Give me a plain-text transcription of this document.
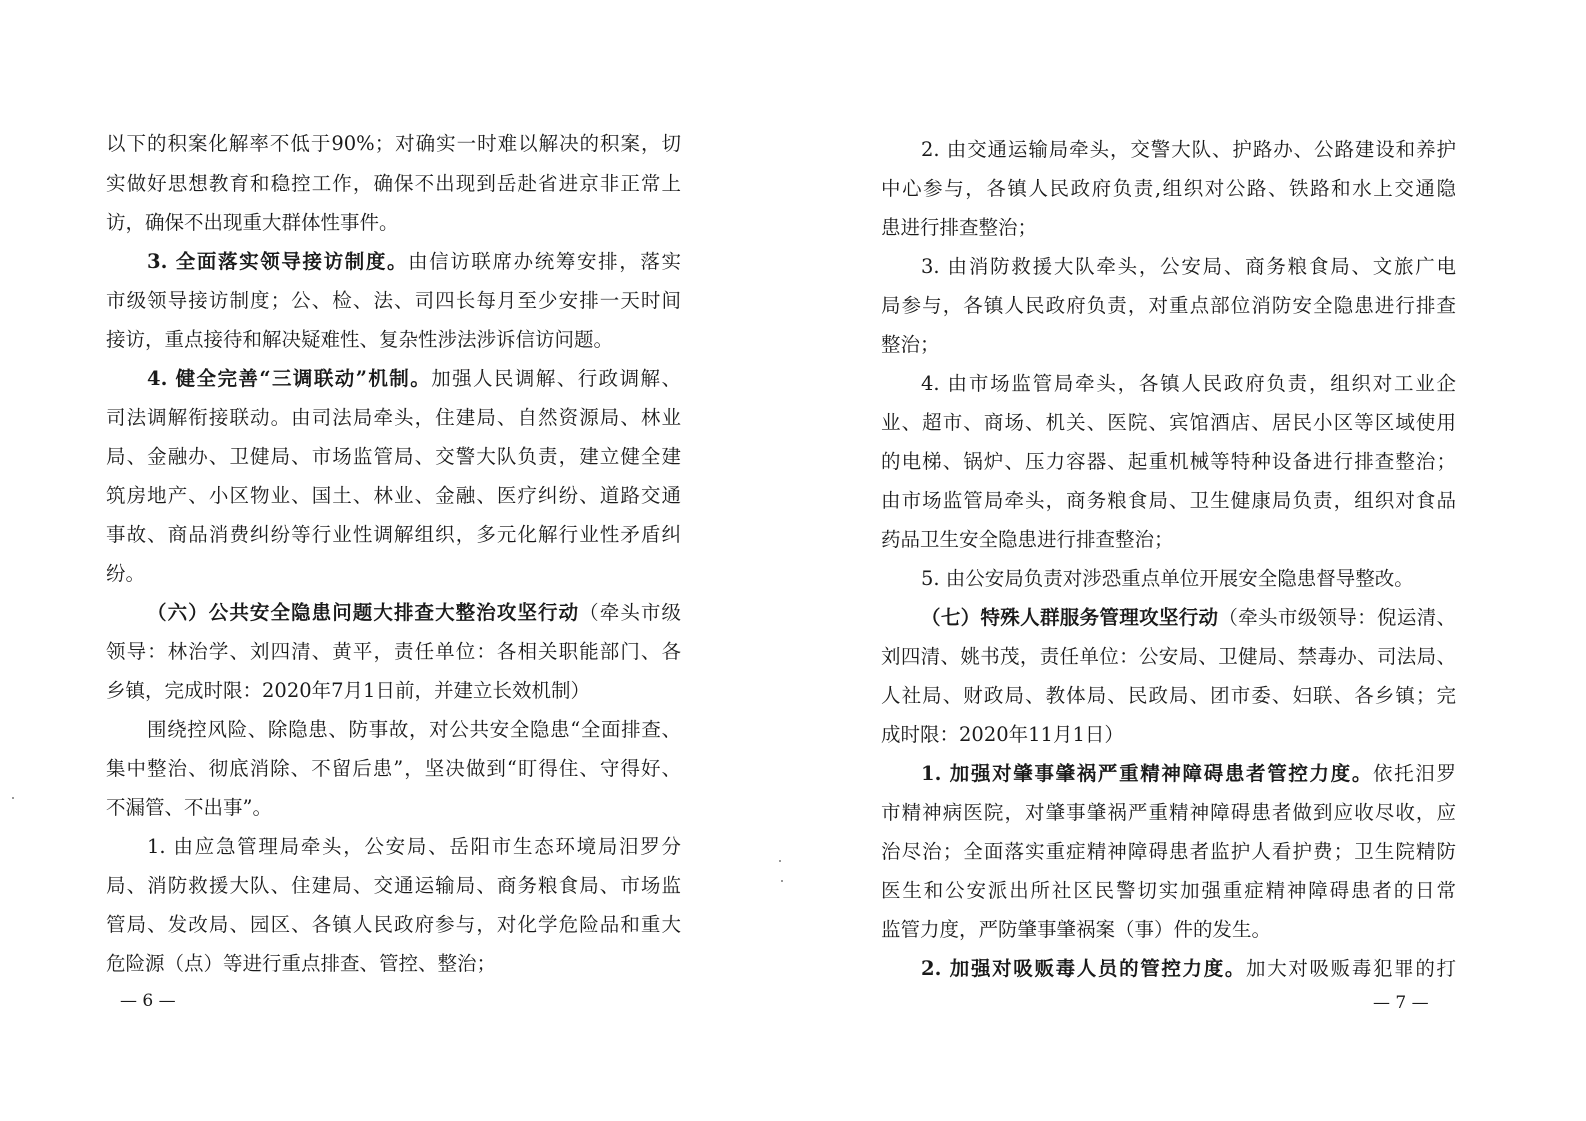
以下的积案化解率不低于90%；对确实一时难以解决的积案，切
实做好思想教育和稳控工作，确保不出现到岳赴省进京非正常上
访，确保不出现重大群体性事件。
3. 全面落实领导接访制度。由信访联席办统筹安排，落实
市级领导接访制度；公、检、法、司四长每月至少安排一天时间
接访，重点接待和解决疑难性、复杂性涉法涉诉信访问题。
4. 健全完善“三调联动”机制。加强人民调解、行政调解、
司法调解衔接联动。由司法局牵头，住建局、自然资源局、林业
局、金融办、卫健局、市场监管局、交警大队负责，建立健全建
筑房地产、小区物业、国土、林业、金融、医疗纠纷、道路交通
事故、商品消费纠纷等行业性调解组织，多元化解行业性矛盾纠
纷。
（六）公共安全隐患问题大排查大整治攻坚行动（牵头市级
领导：林治学、刘四清、黄平，责任单位：各相关职能部门、各
乡镇，完成时限：2020年7月1日前，并建立长效机制）
围绕控风险、除隐患、防事故，对公共安全隐患“全面排查、
集中整治、彻底消除、不留后患”，坚决做到“盯得住、守得好、
不漏管、不出事”。
1. 由应急管理局牵头，公安局、岳阳市生态环境局汨罗分
局、消防救援大队、住建局、交通运输局、商务粮食局、市场监
管局、发改局、园区、各镇人民政府参与，对化学危险品和重大
危险源（点）等进行重点排查、管控、整治；
— 6 —
2. 由交通运输局牵头，交警大队、护路办、公路建设和养护
中心参与，各镇人民政府负责,组织对公路、铁路和水上交通隐
患进行排查整治；
3. 由消防救援大队牵头，公安局、商务粮食局、文旅广电
局参与，各镇人民政府负责，对重点部位消防安全隐患进行排查
整治；
4. 由市场监管局牵头，各镇人民政府负责，组织对工业企
业、超市、商场、机关、医院、宾馆酒店、居民小区等区域使用
的电梯、锅炉、压力容器、起重机械等特种设备进行排查整治；
由市场监管局牵头，商务粮食局、卫生健康局负责，组织对食品
药品卫生安全隐患进行排查整治；
5. 由公安局负责对涉恐重点单位开展安全隐患督导整改。
（七）特殊人群服务管理攻坚行动（牵头市级领导：倪运清、
刘四清、姚书茂，责任单位：公安局、卫健局、禁毒办、司法局、
人社局、财政局、教体局、民政局、团市委、妇联、各乡镇；完
成时限：2020年11月1日）
1. 加强对肇事肇祸严重精神障碍患者管控力度。依托汨罗
市精神病医院，对肇事肇祸严重精神障碍患者做到应收尽收，应
治尽治；全面落实重症精神障碍患者监护人看护费；卫生院精防
医生和公安派出所社区民警切实加强重症精神障碍患者的日常
监管力度，严防肇事肇祸案（事）件的发生。
2. 加强对吸贩毒人员的管控力度。加大对吸贩毒犯罪的打
— 7 —
